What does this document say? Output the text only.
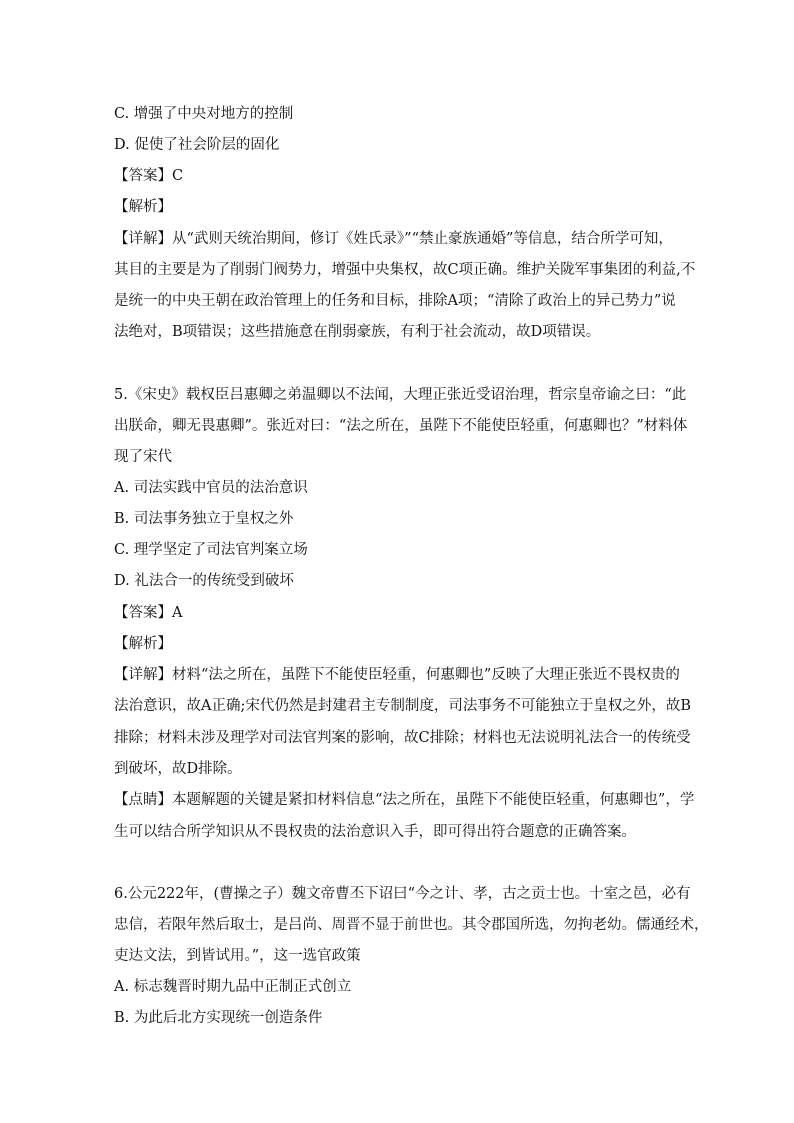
C. 增强了中央对地方的控制
D. 促使了社会阶层的固化
【答案】C
【解析】
【详解】从“武则天统治期间，修订《姓氏录》”“禁止豪族通婚”等信息，结合所学可知，
其目的主要是为了削弱门阀势力，增强中央集权，故C项正确。维护关陇军事集团的利益,不
是统一的中央王朝在政治管理上的任务和目标，排除A项；“清除了政治上的异己势力”说
法绝对，B项错误；这些措施意在削弱豪族，有利于社会流动，故D项错误。
5.《宋史》载权臣吕惠卿之弟温卿以不法闻，大理正张近受诏治理，哲宗皇帝谕之曰：“此
出朕命，卿无畏惠卿”。张近对曰：“法之所在，虽陛下不能使臣轻重，何惠卿也？”材料体
现了宋代
A. 司法实践中官员的法治意识
B. 司法事务独立于皇权之外
C. 理学坚定了司法官判案立场
D. 礼法合一的传统受到破坏
【答案】A
【解析】
【详解】材料“法之所在，虽陛下不能使臣轻重，何惠卿也”反映了大理正张近不畏权贵的
法治意识，故A正确;宋代仍然是封建君主专制制度，司法事务不可能独立于皇权之外，故B
排除；材料未涉及理学对司法官判案的影响，故C排除；材料也无法说明礼法合一的传统受
到破坏，故D排除。
【点睛】本题解题的关键是紧扣材料信息“法之所在，虽陛下不能使臣轻重，何惠卿也”，学
生可以结合所学知识从不畏权贵的法治意识入手，即可得出符合题意的正确答案。
6.公元222年，(曹操之子）魏文帝曹丕下诏曰“今之计、孝，古之贡士也。十室之邑，必有
忠信，若限年然后取士，是吕尚、周晋不显于前世也。其令郡国所选，勿拘老幼。儒通经术，
吏达文法，到皆试用。”，这一选官政策
A. 标志魏晋时期九品中正制正式创立
B. 为此后北方实现统一创造条件
